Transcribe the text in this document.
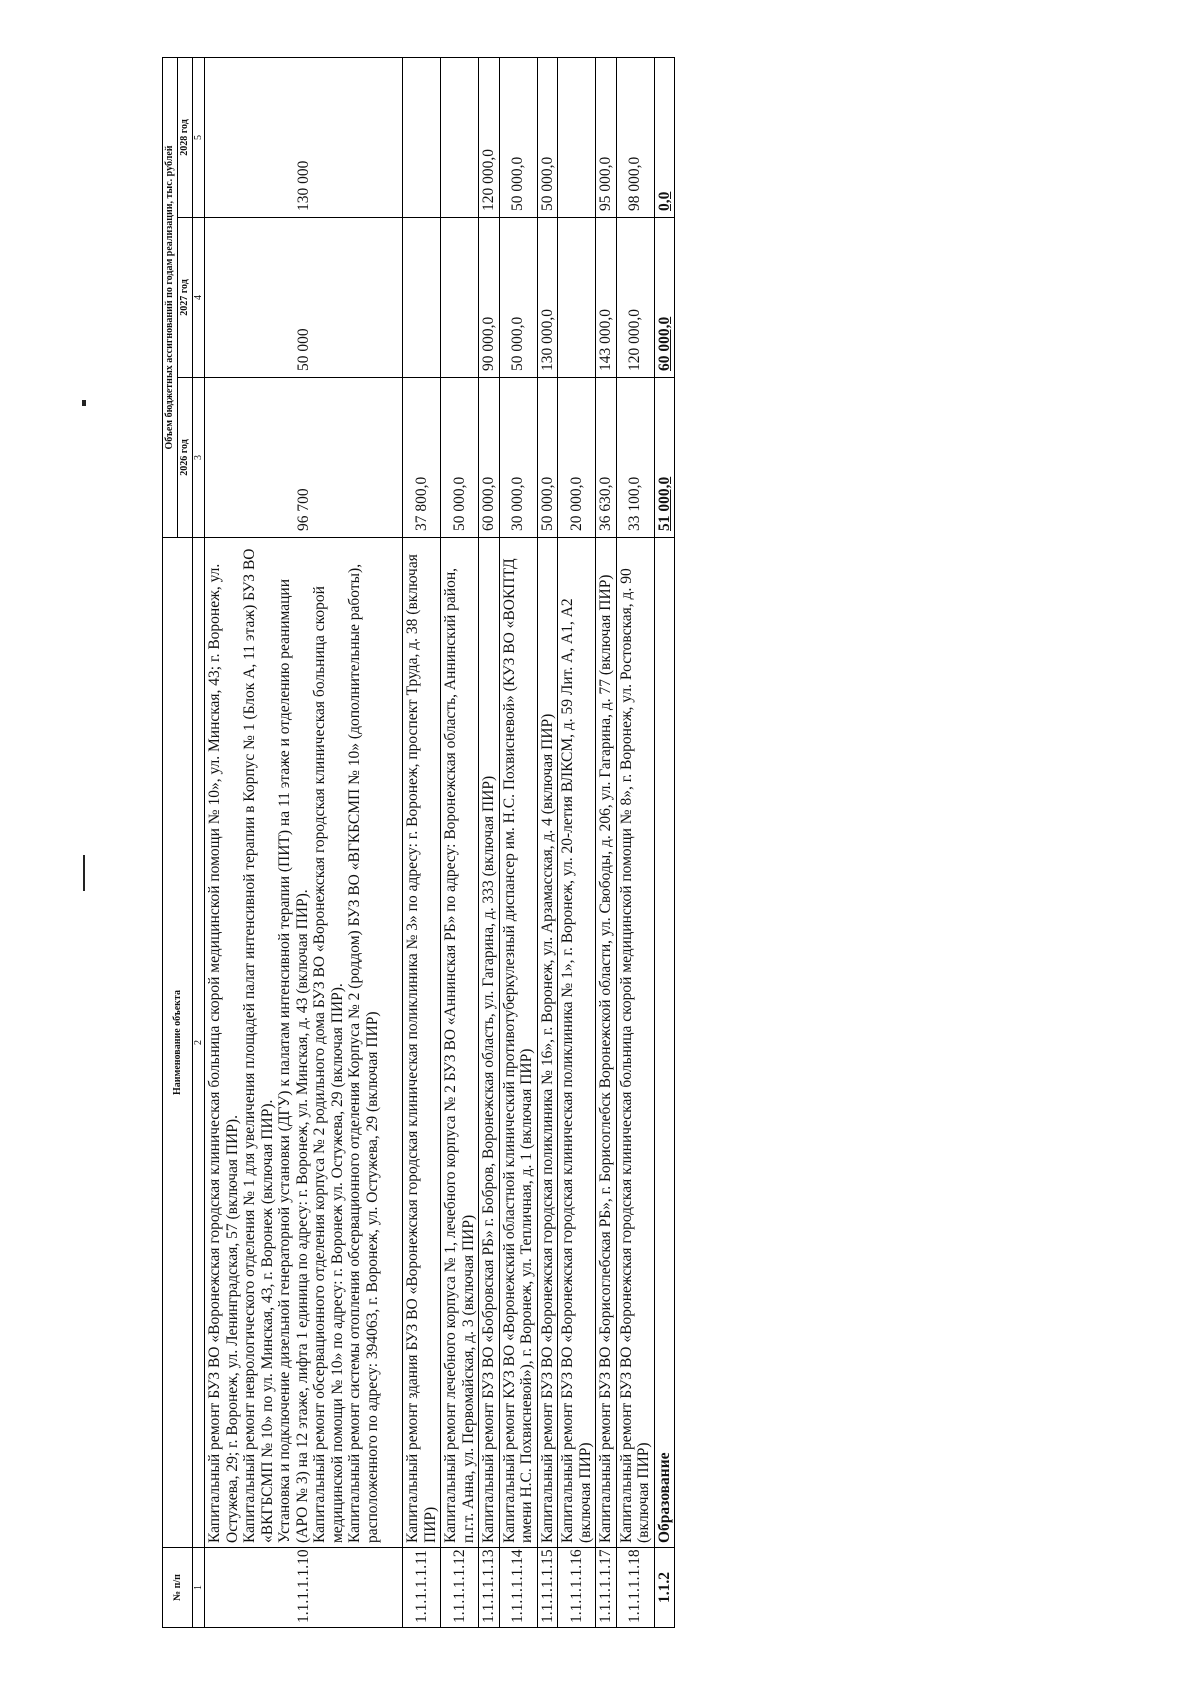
№ п/п	Наименование объекта	Объем бюджетных ассигнований по годам реализации, тыс. рублей		
		2026 год	2027 год	2028 год
1	2	3	4	5
1.1.1.1.1.10	Капитальный ремонт БУЗ ВО «Воронежская городская клиническая больница скорой медицинской помощи № 10», ул. Минская, 43; г. Воронеж, ул. Остужева, 29; г. Воронеж, ул. Ленинградская, 57 (включая ПИР). Капитальный ремонт неврологического отделения № 1 для увеличения площадей палат интенсивной терапии в Корпус № 1 (Блок А, 11 этаж) БУЗ ВО «ВКГБСМП № 10» по ул. Минская, 43, г. Воронеж (включая ПИР). Установка и подключение дизельной генераторной установки (ДГУ) к палатам интенсивной терапии (ПИТ) на 11 этаже и отделению реанимации (АРО № 3) на 12 этаже, лифта 1 единица по адресу: г. Воронеж, ул. Минская, д. 43 (включая ПИР). Капитальный ремонт обсервационного отделения корпуса № 2 родильного дома БУЗ ВО «Воронежская городская клиническая больница скорой медицинской помощи № 10» по адресу: г. Воронеж ул. Остужева, 29 (включая ПИР). Капитальный ремонт системы отопления обсервационного отделения Корпуса № 2 (роддом) БУЗ ВО «ВГКБСМП № 10» (дополнительные работы), расположенного по адресу: 394063, г. Воронеж, ул. Остужева, 29 (включая ПИР)	96 700	50 000	130 000
1.1.1.1.1.11	Капитальный ремонт здания БУЗ ВО «Воронежская городская клиническая поликлиника № 3» по адресу: г. Воронеж, проспект Труда, д. 38 (включая ПИР)	37 800,0		
1.1.1.1.1.12	Капитальный ремонт лечебного корпуса № 1, лечебного корпуса № 2 БУЗ ВО «Аннинская РБ» по адресу: Воронежская область, Аннинский район, п.г.т. Анна, ул. Первомайская, д. 3 (включая ПИР)	50 000,0		
1.1.1.1.1.13	Капитальный ремонт БУЗ ВО «Бобровская РБ» г. Бобров, Воронежская область, ул. Гагарина, д. 333 (включая ПИР)	60 000,0	90 000,0	120 000,0
1.1.1.1.1.14	Капитальный ремонт КУЗ ВО «Воронежский областной клинический противотуберкулезный диспансер им. Н.С. Похвисневой» (КУЗ ВО «ВОКПТД имени Н.С. Похвисневой»), г. Воронеж, ул. Тепличная, д. 1 (включая ПИР)	30 000,0	50 000,0	50 000,0
1.1.1.1.1.15	Капитальный ремонт БУЗ ВО «Воронежская городская поликлиника № 16», г. Воронеж, ул. Арзамасская, д. 4 (включая ПИР)	50 000,0	130 000,0	50 000,0
1.1.1.1.1.16	Капитальный ремонт БУЗ ВО «Воронежская городская клиническая поликлиника № 1», г. Воронеж, ул. 20-летия ВЛКСМ, д. 59 Лит. А, А1, А2 (включая ПИР)	20 000,0		
1.1.1.1.1.17	Капитальный ремонт БУЗ ВО «Борисоглебская РБ», г. Борисоглебск Воронежской области, ул. Свободы, д. 206, ул. Гагарина, д. 77 (включая ПИР)	36 630,0	143 000,0	95 000,0
1.1.1.1.1.18	Капитальный ремонт БУЗ ВО «Воронежская городская клиническая больница скорой медицинской помощи № 8», г. Воронеж, ул. Ростовская, д. 90 (включая ПИР)	33 100,0	120 000,0	98 000,0
1.1.2	Образование	51 000,0	60 000,0	0,0
